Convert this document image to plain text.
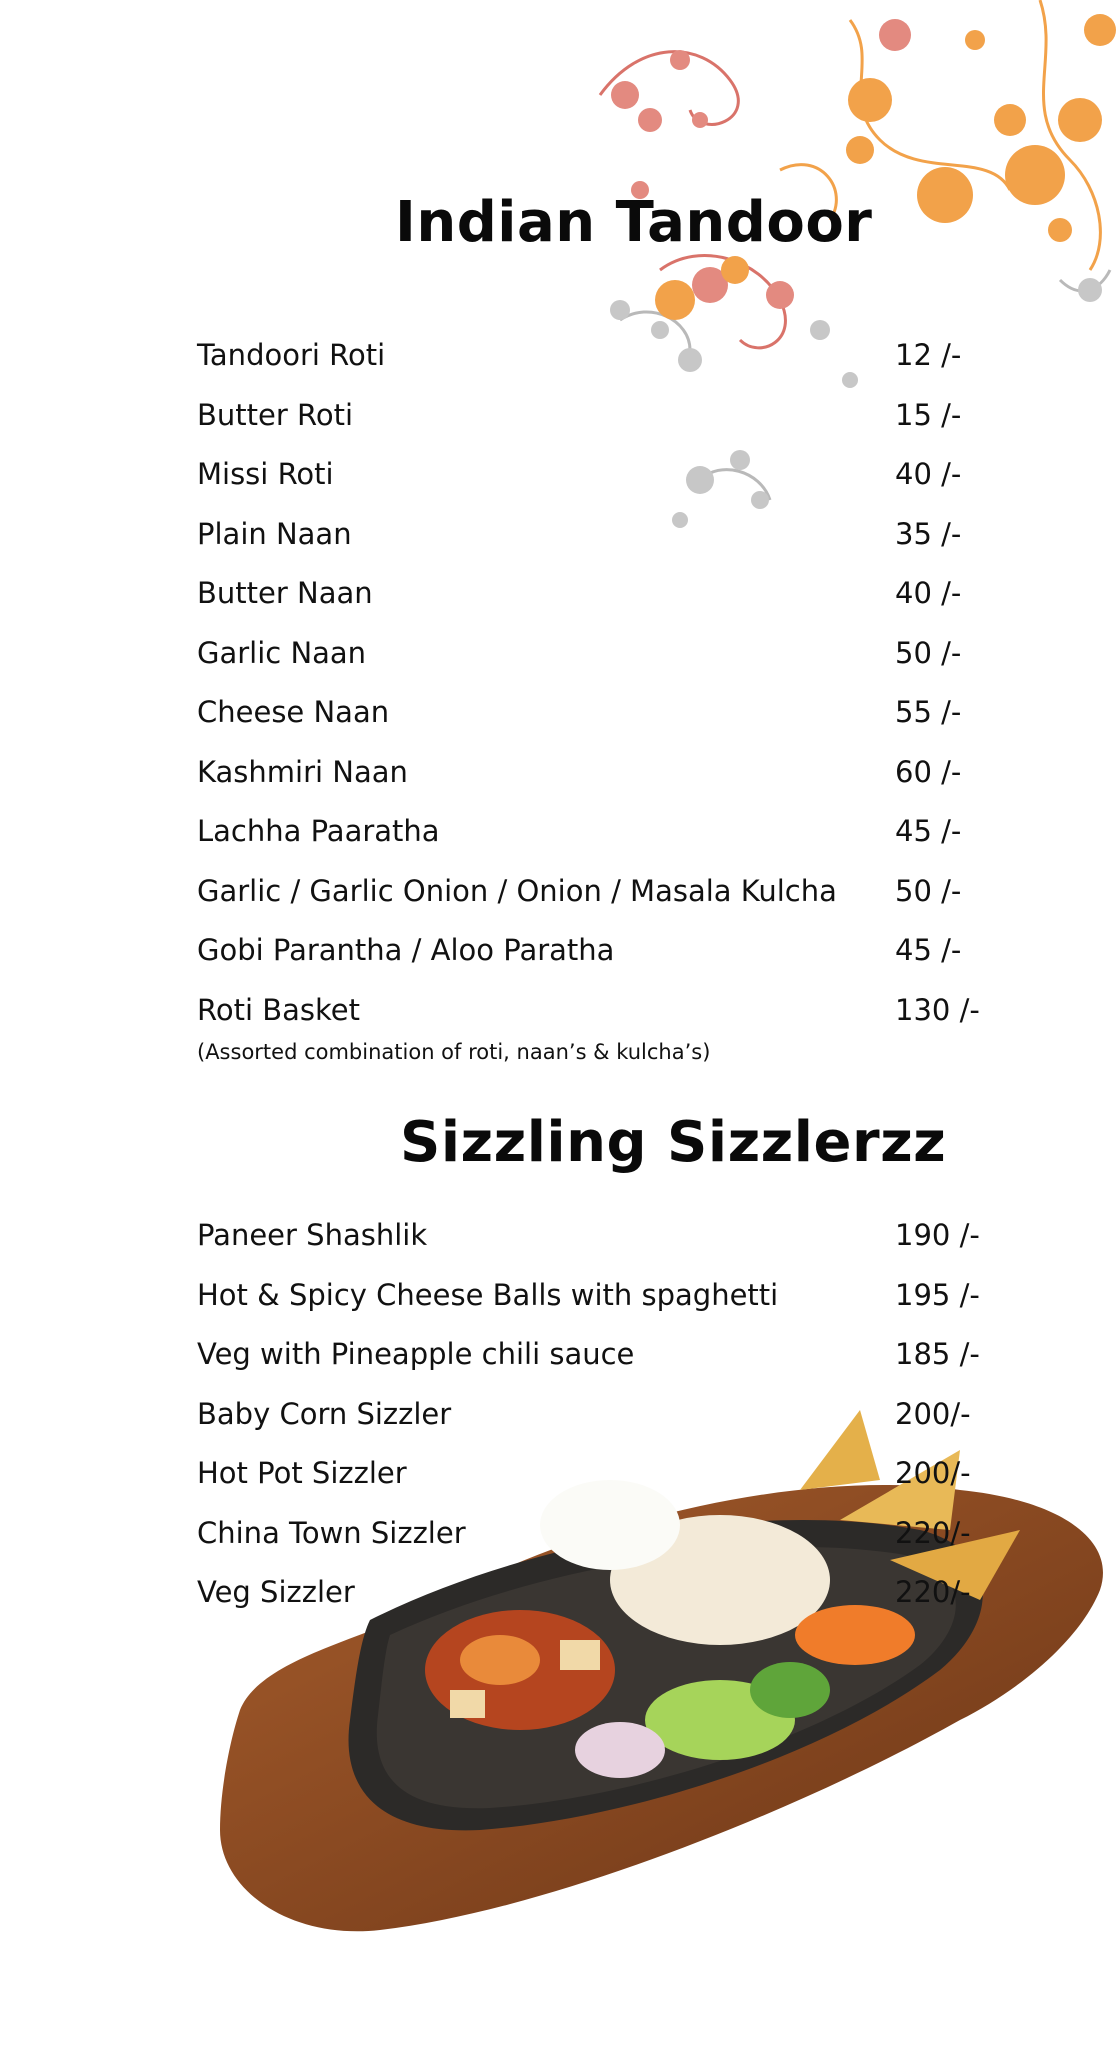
Indian Tandoor
Tandoori Roti	12 /-
Butter Roti	15 /-
Missi Roti	40 /-
Plain Naan	35 /-
Butter Naan	40 /-
Garlic Naan	50 /-
Cheese Naan	55 /-
Kashmiri Naan	60 /-
Lachha Paaratha	45 /-
Garlic / Garlic Onion / Onion / Masala Kulcha 50 /-
Gobi Parantha / Aloo Paratha	45 /-
Roti Basket	130 /-
(Assorted combination of roti, naan’s & kulcha’s)
Sizzling Sizzlerzz
Paneer Shashlik	190 /-
Hot & Spicy Cheese Balls with spaghetti	195 /-
Veg with Pineapple chili sauce	185 /-
Baby Corn Sizzler	200/-
Hot Pot Sizzler	200/-
China Town Sizzler	220/-
Veg Sizzler	220/-
